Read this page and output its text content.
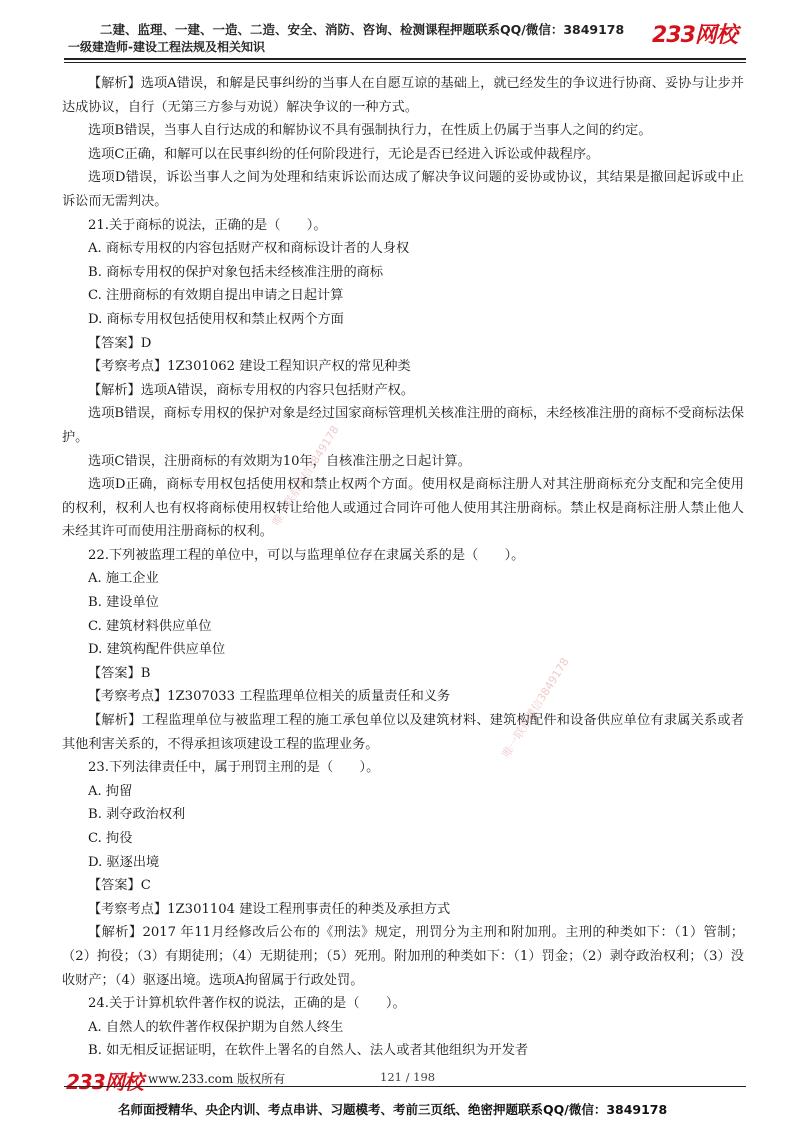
二建、监理、一建、一造、二造、安全、消防、咨询、检测课程押题联系QQ/微信：3849178
一级建造师-建设工程法规及相关知识	233网校

【解析】选项A错误，和解是民事纠纷的当事人在自愿互谅的基础上，就已经发生的争议进行协商、妥协与让步并达成协议，自行（无第三方参与劝说）解决争议的一种方式。

选项B错误，当事人自行达成的和解协议不具有强制执行力，在性质上仍属于当事人之间的约定。

选项C正确，和解可以在民事纠纷的任何阶段进行，无论是否已经进入诉讼或仲裁程序。

选项D错误，诉讼当事人之间为处理和结束诉讼而达成了解决争议问题的妥协或协议，其结果是撤回起诉或中止诉讼而无需判决。

21.关于商标的说法，正确的是（　　）。

A. 商标专用权的内容包括财产权和商标设计者的人身权

B. 商标专用权的保护对象包括未经核准注册的商标

C. 注册商标的有效期自提出申请之日起计算

D. 商标专用权包括使用权和禁止权两个方面

【答案】D

【考察考点】1Z301062 建设工程知识产权的常见种类

【解析】选项A错误，商标专用权的内容只包括财产权。

选项B错误，商标专用权的保护对象是经过国家商标管理机关核准注册的商标，未经核准注册的商标不受商标法保护。

选项C错误，注册商标的有效期为10年，自核准注册之日起计算。

选项D正确，商标专用权包括使用权和禁止权两个方面。使用权是商标注册人对其注册商标充分支配和完全使用的权利，权利人也有权将商标使用权转让给他人或通过合同许可他人使用其注册商标。禁止权是商标注册人禁止他人未经其许可而使用注册商标的权利。

22.下列被监理工程的单位中，可以与监理单位存在隶属关系的是（　　）。

A. 施工企业

B. 建设单位

C. 建筑材料供应单位

D. 建筑构配件供应单位

【答案】B

【考察考点】1Z307033 工程监理单位相关的质量责任和义务

【解析】工程监理单位与被监理工程的施工承包单位以及建筑材料、建筑构配件和设备供应单位有隶属关系或者其他利害关系的，不得承担该项建设工程的监理业务。

23.下列法律责任中，属于刑罚主刑的是（　　）。

A. 拘留

B. 剥夺政治权利

C. 拘役

D. 驱逐出境

【答案】C

【考察考点】1Z301104 建设工程刑事责任的种类及承担方式

【解析】2017 年11月经修改后公布的《刑法》规定，刑罚分为主刑和附加刑。主刑的种类如下：（1）管制；（2）拘役；（3）有期徒刑；（4）无期徒刑；（5）死刑。附加刑的种类如下：（1）罚金；（2）剥夺政治权利；（3）没收财产；（4）驱逐出境。选项A拘留属于行政处罚。

24.关于计算机软件著作权的说法，正确的是（　　）。

A. 自然人的软件著作权保护期为自然人终生

B. 如无相反证据证明，在软件上署名的自然人、法人或者其他组织为开发者

唯一联系微信3849178
唯一联系微信3849178
233网校 www.233.com 版权所有	121 / 198
名师面授精华、央企内训、考点串讲、习题模考、考前三页纸、绝密押题联系QQ/微信：3849178
